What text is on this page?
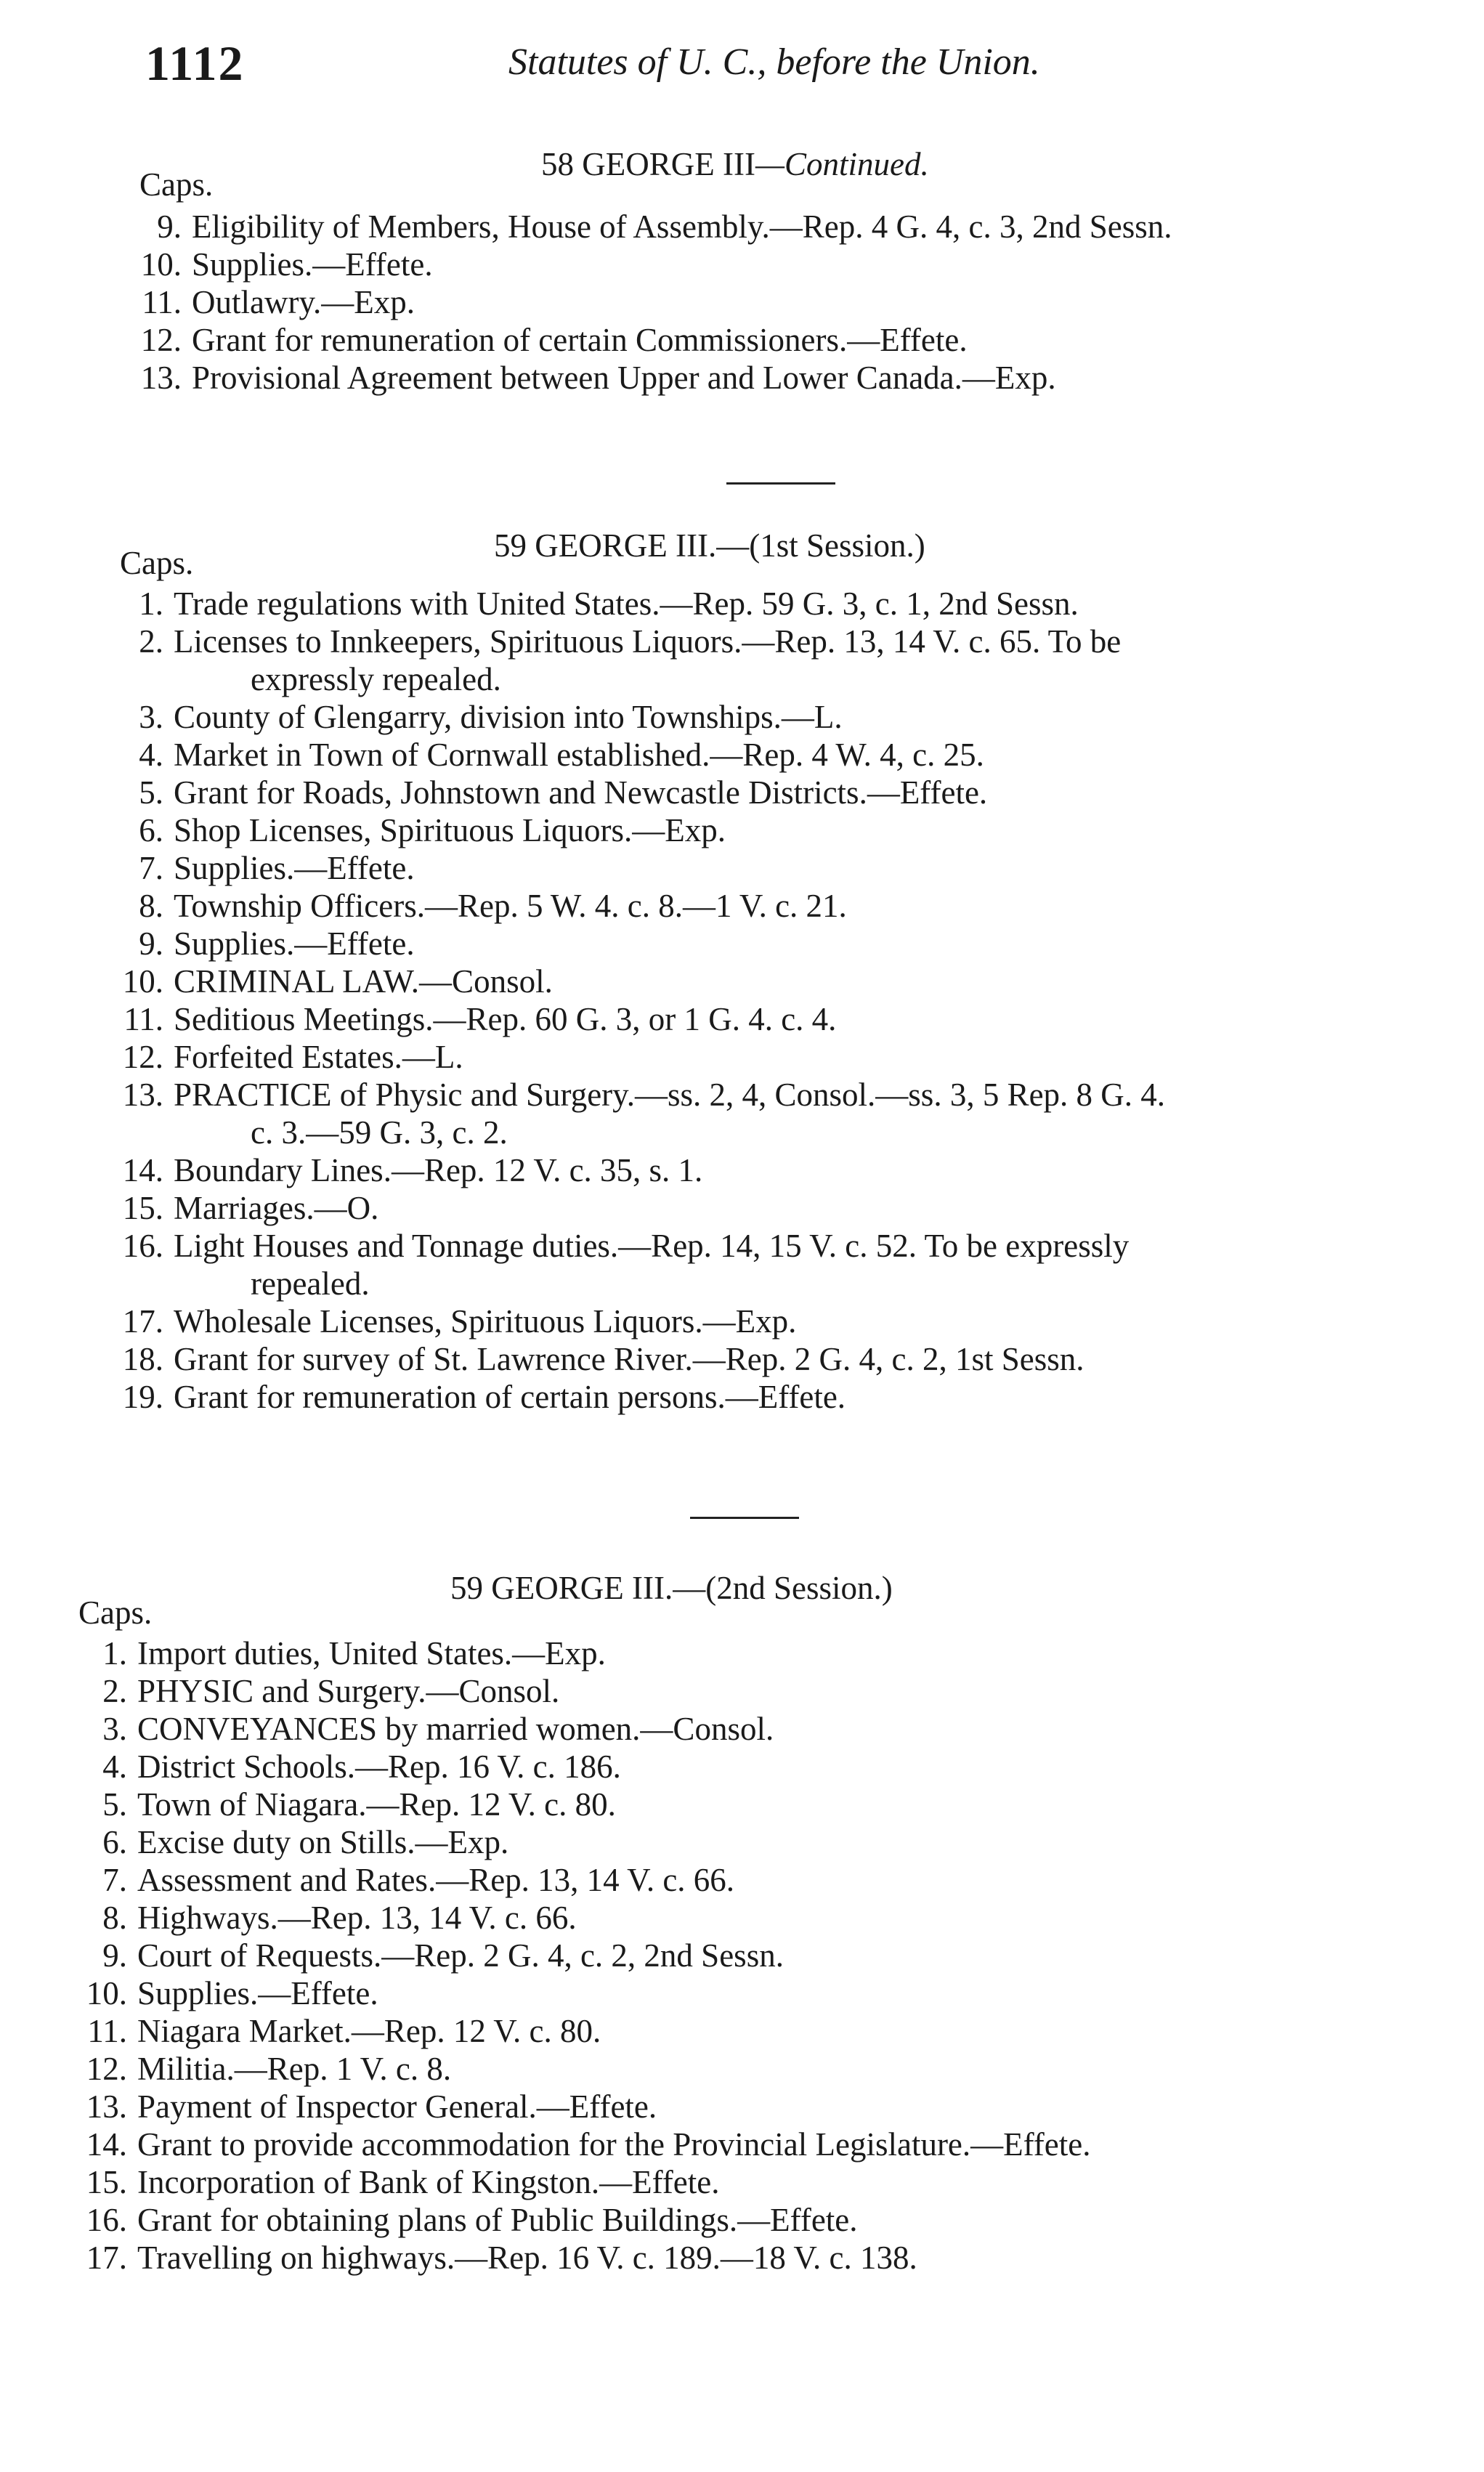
1112	Statutes of U. C., before the Union.
58 GEORGE III—Continued.
Caps.
9. Eligibility of Members, House of Assembly.—Rep. 4 G. 4, c. 3, 2nd Sessn.
10. Supplies.—Effete.
11. Outlawry.—Exp.
12. Grant for remuneration of certain Commissioners.—Effete.
13. Provisional Agreement between Upper and Lower Canada.—Exp.
59 GEORGE III.—(1st Session.)
Caps.
1. Trade regulations with United States.—Rep. 59 G. 3, c. 1, 2nd Sessn.
2. Licenses to Innkeepers, Spirituous Liquors.—Rep. 13, 14 V. c. 65. To be
expressly repealed.
3. County of Glengarry, division into Townships.—L.
4. Market in Town of Cornwall established.—Rep. 4 W. 4, c. 25.
5. Grant for Roads, Johnstown and Newcastle Districts.—Effete.
6. Shop Licenses, Spirituous Liquors.—Exp.
7. Supplies.—Effete.
8. Township Officers.—Rep. 5 W. 4. c. 8.—1 V. c. 21.
9. Supplies.—Effete.
10. CRIMINAL LAW.—Consol.
11. Seditious Meetings.—Rep. 60 G. 3, or 1 G. 4. c. 4.
12. Forfeited Estates.—L.
13. PRACTICE of Physic and Surgery.—ss. 2, 4, Consol.—ss. 3, 5 Rep. 8 G. 4.
c. 3.—59 G. 3, c. 2.
14. Boundary Lines.—Rep. 12 V. c. 35, s. 1.
15. Marriages.—O.
16. Light Houses and Tonnage duties.—Rep. 14, 15 V. c. 52. To be expressly
repealed.
17. Wholesale Licenses, Spirituous Liquors.—Exp.
18. Grant for survey of St. Lawrence River.—Rep. 2 G. 4, c. 2, 1st Sessn.
19. Grant for remuneration of certain persons.—Effete.
59 GEORGE III.—(2nd Session.)
Caps.
1. Import duties, United States.—Exp.
2. PHYSIC and Surgery.—Consol.
3. CONVEYANCES by married women.—Consol.
4. District Schools.—Rep. 16 V. c. 186.
5. Town of Niagara.—Rep. 12 V. c. 80.
6. Excise duty on Stills.—Exp.
7. Assessment and Rates.—Rep. 13, 14 V. c. 66.
8. Highways.—Rep. 13, 14 V. c. 66.
9. Court of Requests.—Rep. 2 G. 4, c. 2, 2nd Sessn.
10. Supplies.—Effete.
11. Niagara Market.—Rep. 12 V. c. 80.
12. Militia.—Rep. 1 V. c. 8.
13. Payment of Inspector General.—Effete.
14. Grant to provide accommodation for the Provincial Legislature.—Effete.
15. Incorporation of Bank of Kingston.—Effete.
16. Grant for obtaining plans of Public Buildings.—Effete.
17. Travelling on highways.—Rep. 16 V. c. 189.—18 V. c. 138.
